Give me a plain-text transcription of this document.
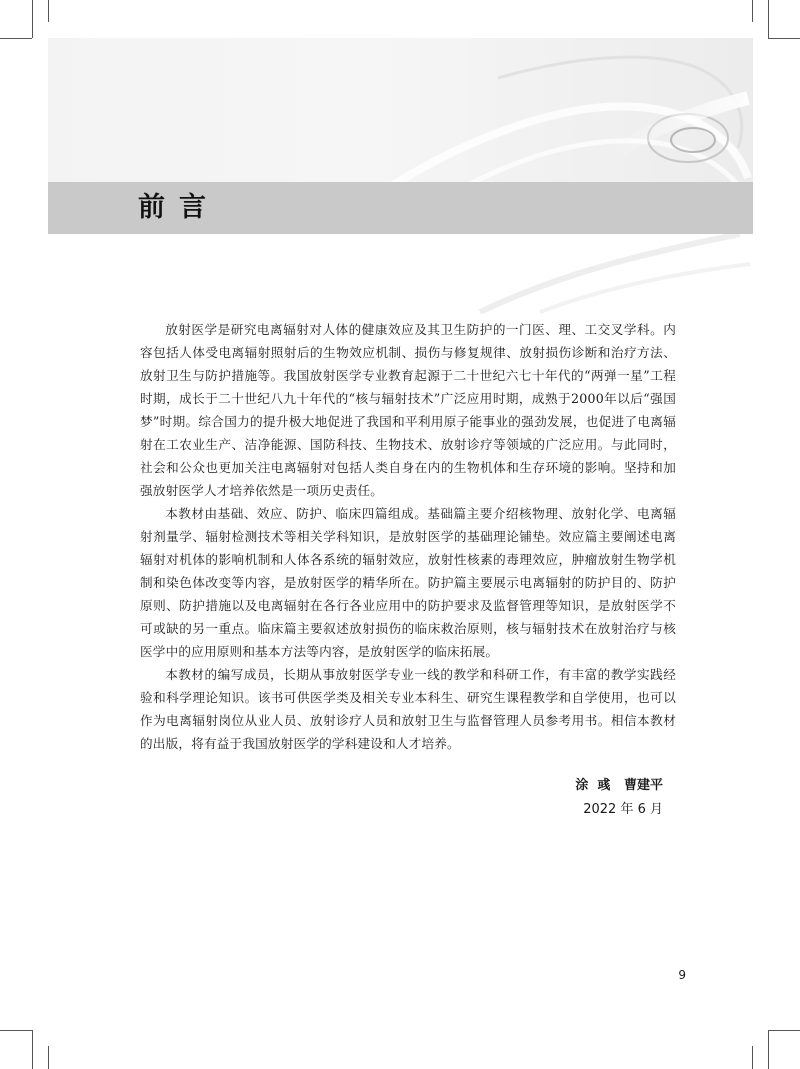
前言

放射医学是研究电离辐射对人体的健康效应及其卫生防护的一门医、理、工交叉学科。内容包括人体受电离辐射照射后的生物效应机制、损伤与修复规律、放射损伤诊断和治疗方法、放射卫生与防护措施等。我国放射医学专业教育起源于二十世纪六七十年代的“两弹一星”工程时期，成长于二十世纪八九十年代的“核与辐射技术”广泛应用时期，成熟于2000年以后“强国梦”时期。综合国力的提升极大地促进了我国和平利用原子能事业的强劲发展，也促进了电离辐射在工农业生产、洁净能源、国防科技、生物技术、放射诊疗等领域的广泛应用。与此同时，社会和公众也更加关注电离辐射对包括人类自身在内的生物机体和生存环境的影响。坚持和加强放射医学人才培养依然是一项历史责任。

本教材由基础、效应、防护、临床四篇组成。基础篇主要介绍核物理、放射化学、电离辐射剂量学、辐射检测技术等相关学科知识，是放射医学的基础理论铺垫。效应篇主要阐述电离辐射对机体的影响机制和人体各系统的辐射效应，放射性核素的毒理效应，肿瘤放射生物学机制和染色体改变等内容，是放射医学的精华所在。防护篇主要展示电离辐射的防护目的、防护原则、防护措施以及电离辐射在各行各业应用中的防护要求及监督管理等知识，是放射医学不可或缺的另一重点。临床篇主要叙述放射损伤的临床救治原则，核与辐射技术在放射治疗与核医学中的应用原则和基本方法等内容，是放射医学的临床拓展。

本教材的编写成员，长期从事放射医学专业一线的教学和科研工作，有丰富的教学实践经验和科学理论知识。该书可供医学类及相关专业本科生、研究生课程教学和自学使用，也可以作为电离辐射岗位从业人员、放射诊疗人员和放射卫生与监督管理人员参考用书。相信本教材的出版，将有益于我国放射医学的学科建设和人才培养。

涂  彧   曹建平
2022 年 6 月
9
